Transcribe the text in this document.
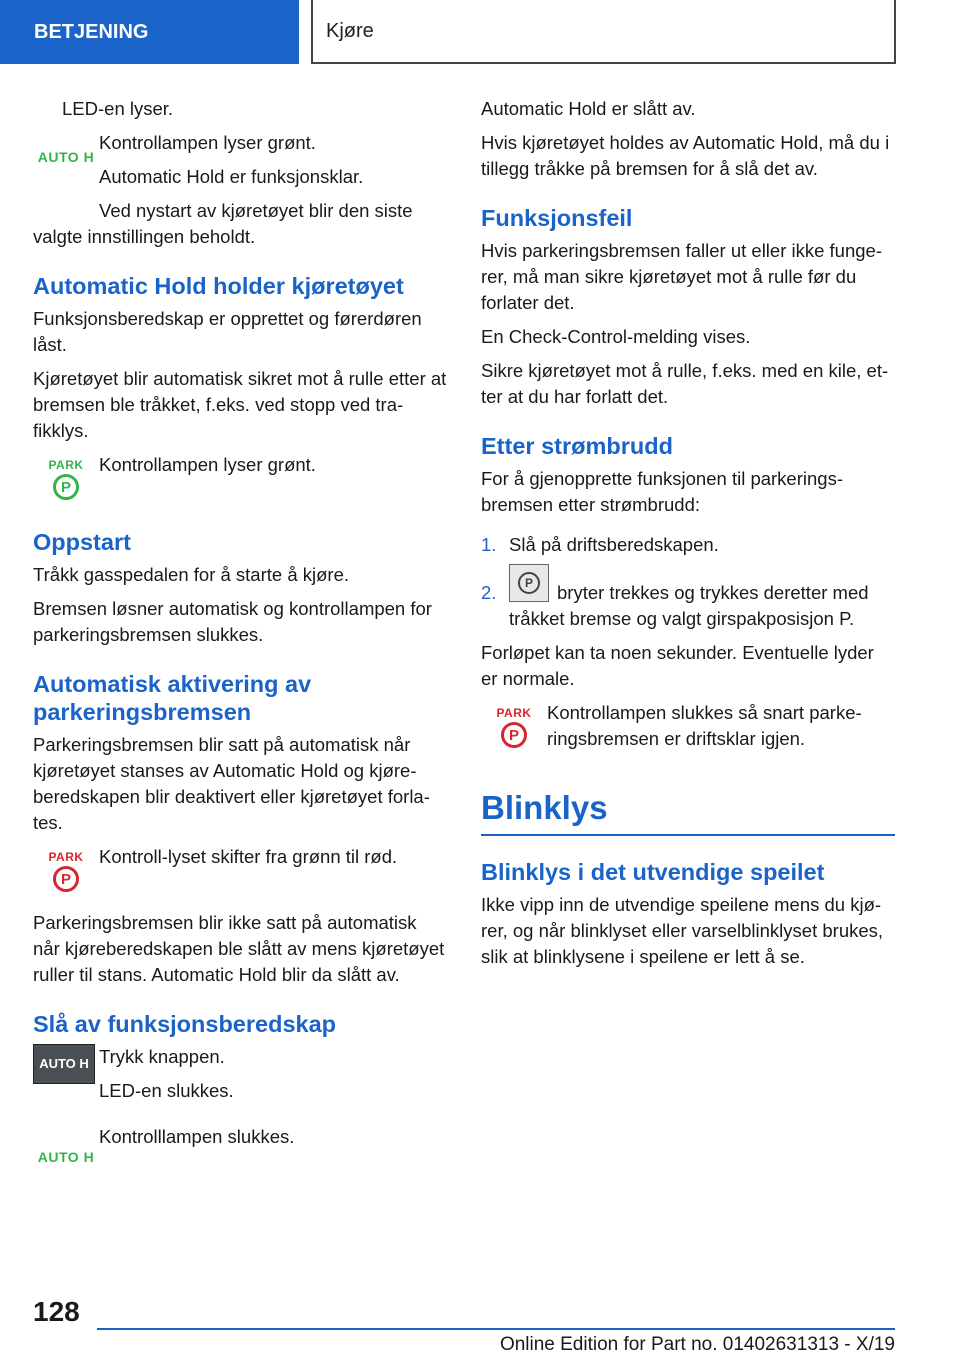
BETJENING	Kjøre

LED-en lyser.

AUTO H

Kontrollampen lyser grønt.

Automatic Hold er funksjonsklar.

Ved nystart av kjøretøyet blir den siste

valgte innstillingen beholdt.

Automatic Hold holder kjøretøyet

Funksjonsberedskap er opprettet og førerdøren låst.

Kjøretøyet blir automatisk sikret mot å rulle etter at bremsen ble tråkket, f.eks. ved stopp ved trafikklys.

PARK
P

Kontrollampen lyser grønt.

Oppstart

Tråkk gasspedalen for å starte å kjøre.

Bremsen løsner automatisk og kontrollampen for parkeringsbremsen slukkes.

Automatisk aktivering av parkeringsbremsen

Parkeringsbremsen blir satt på automatisk når kjøretøyet stanses av Automatic Hold og kjøreberedskapen blir deaktivert eller kjøretøyet forlates.

PARK
P

Kontroll-lyset skifter fra grønn til rød.

Parkeringsbremsen blir ikke satt på automatisk når kjøreberedskapen ble slått av mens kjøretøyet ruller til stans. Automatic Hold blir da slått av.

Slå av funksjonsberedskap
AUTO H Trykk knappen.

LED-en slukkes.

AUTO H

Kontrolllampen slukkes.

Automatic Hold er slått av.

Hvis kjøretøyet holdes av Automatic Hold, må du i tillegg tråkke på bremsen for å slå det av.

Funksjonsfeil

Hvis parkeringsbremsen faller ut eller ikke fungerer, må man sikre kjøretøyet mot å rulle før du forlater det.

En Check-Control-melding vises.

Sikre kjøretøyet mot å rulle, f.eks. med en kile, etter at du har forlatt det.

Etter strømbrudd

For å gjenopprette funksjonen til parkeringsbremsen etter strømbrudd:

1. Slå på driftsberedskapen.
2.	P	bryter trekkes og trykkes deretter med tråkket bremse og valgt girspakposisjon P.

Forløpet kan ta noen sekunder. Eventuelle lyder er normale.

PARK
P

Kontrollampen slukkes så snart parkeringsbremsen er driftsklar igjen.

Blinklys
Blinklys i det utvendige speilet

Ikke vipp inn de utvendige speilene mens du kjører, og når blinklyset eller varselblinklyset brukes, slik at blinklysene i speilene er lett å se.

128
Online Edition for Part no. 01402631313 - X/19
